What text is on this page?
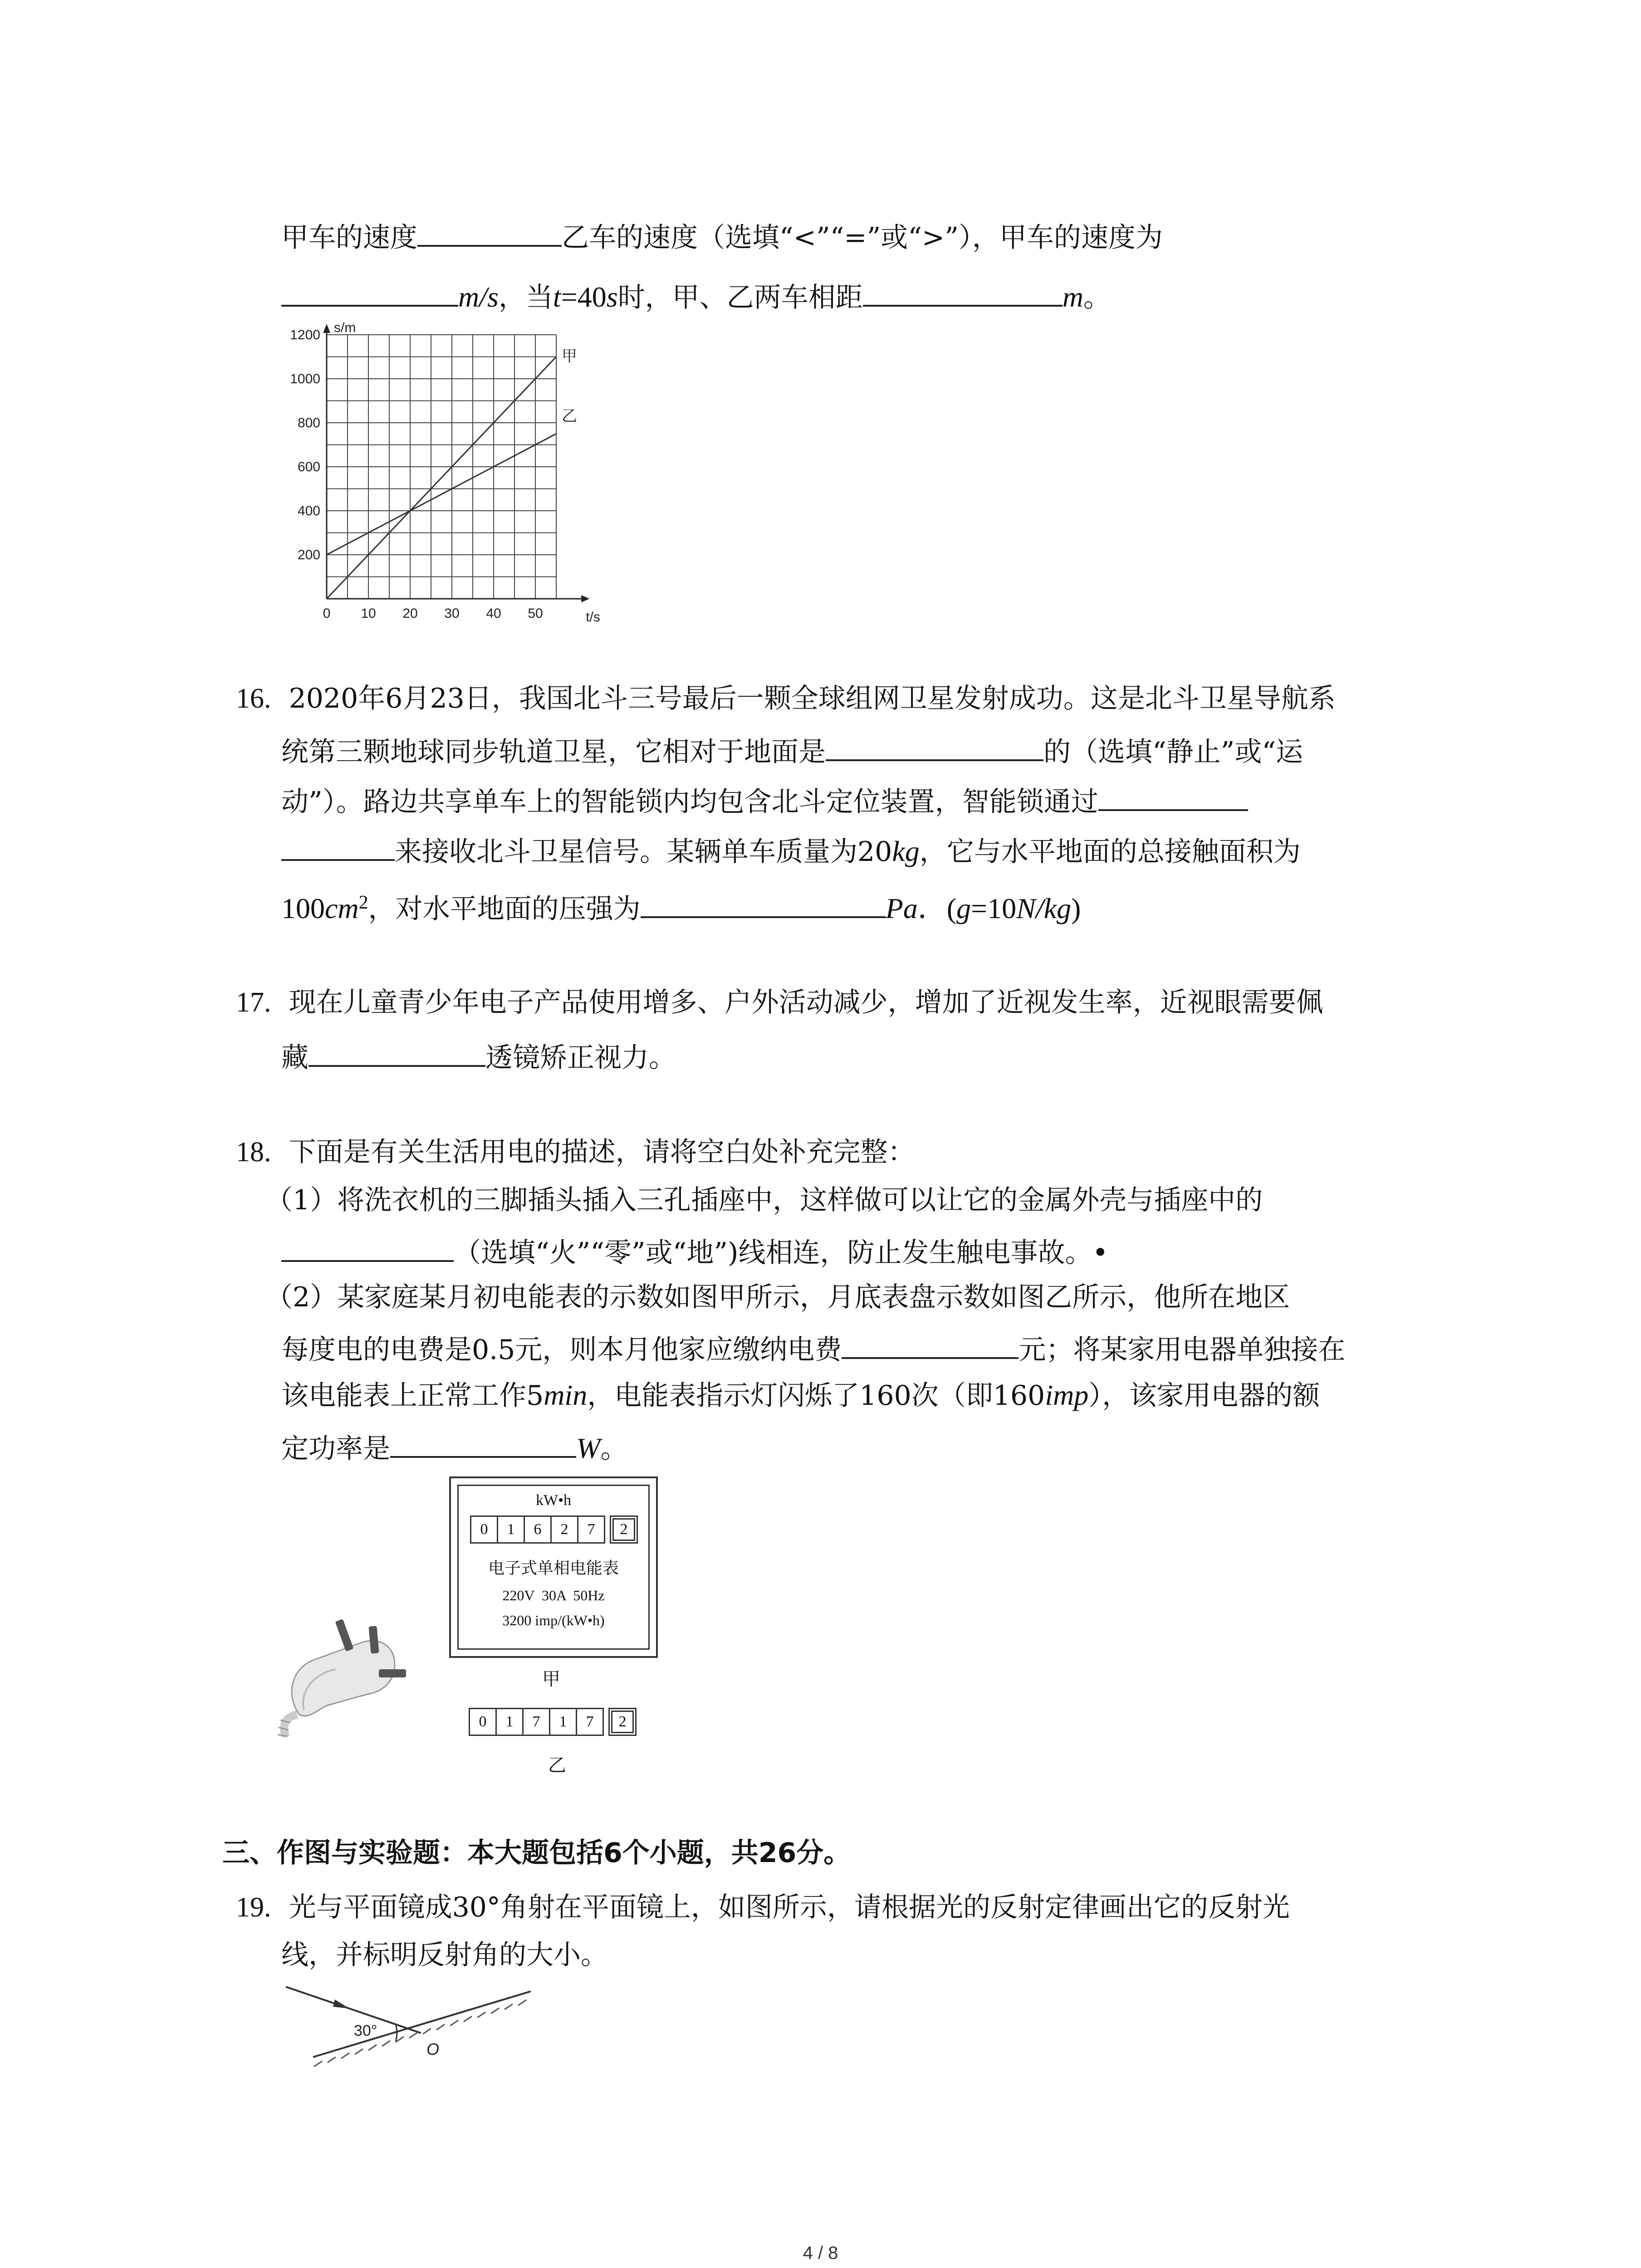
甲车的速度	乙车的速度（选填“<”“=”或“>”），甲车的速度为
m/s，当t=40s时，甲、乙两车相距	m。
0 10 20 30 40 50
200
400
600
800
1000
1200 s/m
t/s
甲
乙
16. 2020年6月23日，我国北斗三号最后一颗全球组网卫星发射成功。这是北斗卫星导航系
统第三颗地球同步轨道卫星，它相对于地面是	的（选填“静止”或“运
动”）。路边共享单车上的智能锁内均包含北斗定位装置，智能锁通过
来接收北斗卫星信号。某辆单车质量为20kg，它与水平地面的总接触面积为
$100cm^2$，对水平地面的压强为	Pa．(g=10N/kg)
17. 现在儿童青少年电子产品使用增多、户外活动减少，增加了近视发生率，近视眼需要佩
藏	透镜矫正视力。
18. 下面是有关生活用电的描述，请将空白处补充完整：
（1）将洗衣机的三脚插头插入三孔插座中，这样做可以让它的金属外壳与插座中的
（选填“火”“零”或“地”)线相连，防止发生触电事故。•
（2）某家庭某月初电能表的示数如图甲所示，月底表盘示数如图乙所示，他所在地区
每度电的电费是0.5元，则本月他家应缴纳电费	元；将某家用电器单独接在
该电能表上正常工作5min，电能表指示灯闪烁了160次（即160imp），该家用电器的额
定功率是	W。
kW•h
0	1	6	2	7	2
电子式单相电能表
220V  30A  50Hz
3200 imp/(kW•h)
甲
0	1	7	1	7	2
乙
三、作图与实验题：本大题包括6个小题，共26分。
19. 光与平面镜成30°角射在平面镜上，如图所示，请根据光的反射定律画出它的反射光
线，并标明反射角的大小。
30°
O
4 / 8
